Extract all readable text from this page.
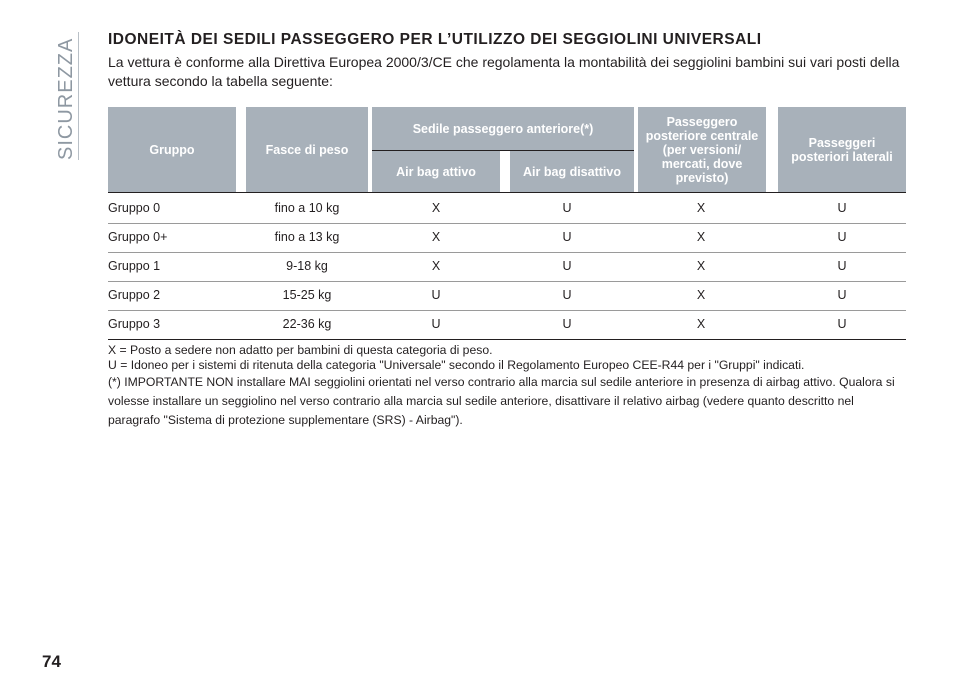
SICUREZZA IDONEITÀ DEI SEDILI PASSEGGERO PER L’UTILIZZO DEI SEGGIOLINI UNIVERSALI
La vettura è conforme alla Direttiva Europea 2000/3/CE che regolamenta la montabilità dei seggiolini bambini sui vari posti della vettura secondo la tabella seguente:
Gruppo	Fasce di peso
Sedile passeggero anteriore(*)
Air bag attivo	Air bag disattivo
Passeggero posteriore centrale (per versioni/ mercati, dove previsto)
Passeggeri posteriori laterali
Gruppo 0	fino a 10 kg	X	U	X	U
Gruppo 0+	fino a 13 kg	X	U	X	U
Gruppo 1	9-18 kg	X	U	X	U
Gruppo 2	15-25 kg	U	U	X	U
Gruppo 3	22-36 kg	U	U	X	U

X = Posto a sedere non adatto per bambini di questa categoria di peso.

U = Idoneo per i sistemi di ritenuta della categoria "Universale" secondo il Regolamento Europeo CEE-R44 per i "Gruppi" indicati.

(*) IMPORTANTE NON installare MAI seggiolini orientati nel verso contrario alla marcia sul sedile anteriore in presenza di airbag attivo. Qualora si volesse installare un seggiolino nel verso contrario alla marcia sul sedile anteriore, disattivare il relativo airbag (vedere quanto descritto nel paragrafo "Sistema di protezione supplementare (SRS) - Airbag").

74
